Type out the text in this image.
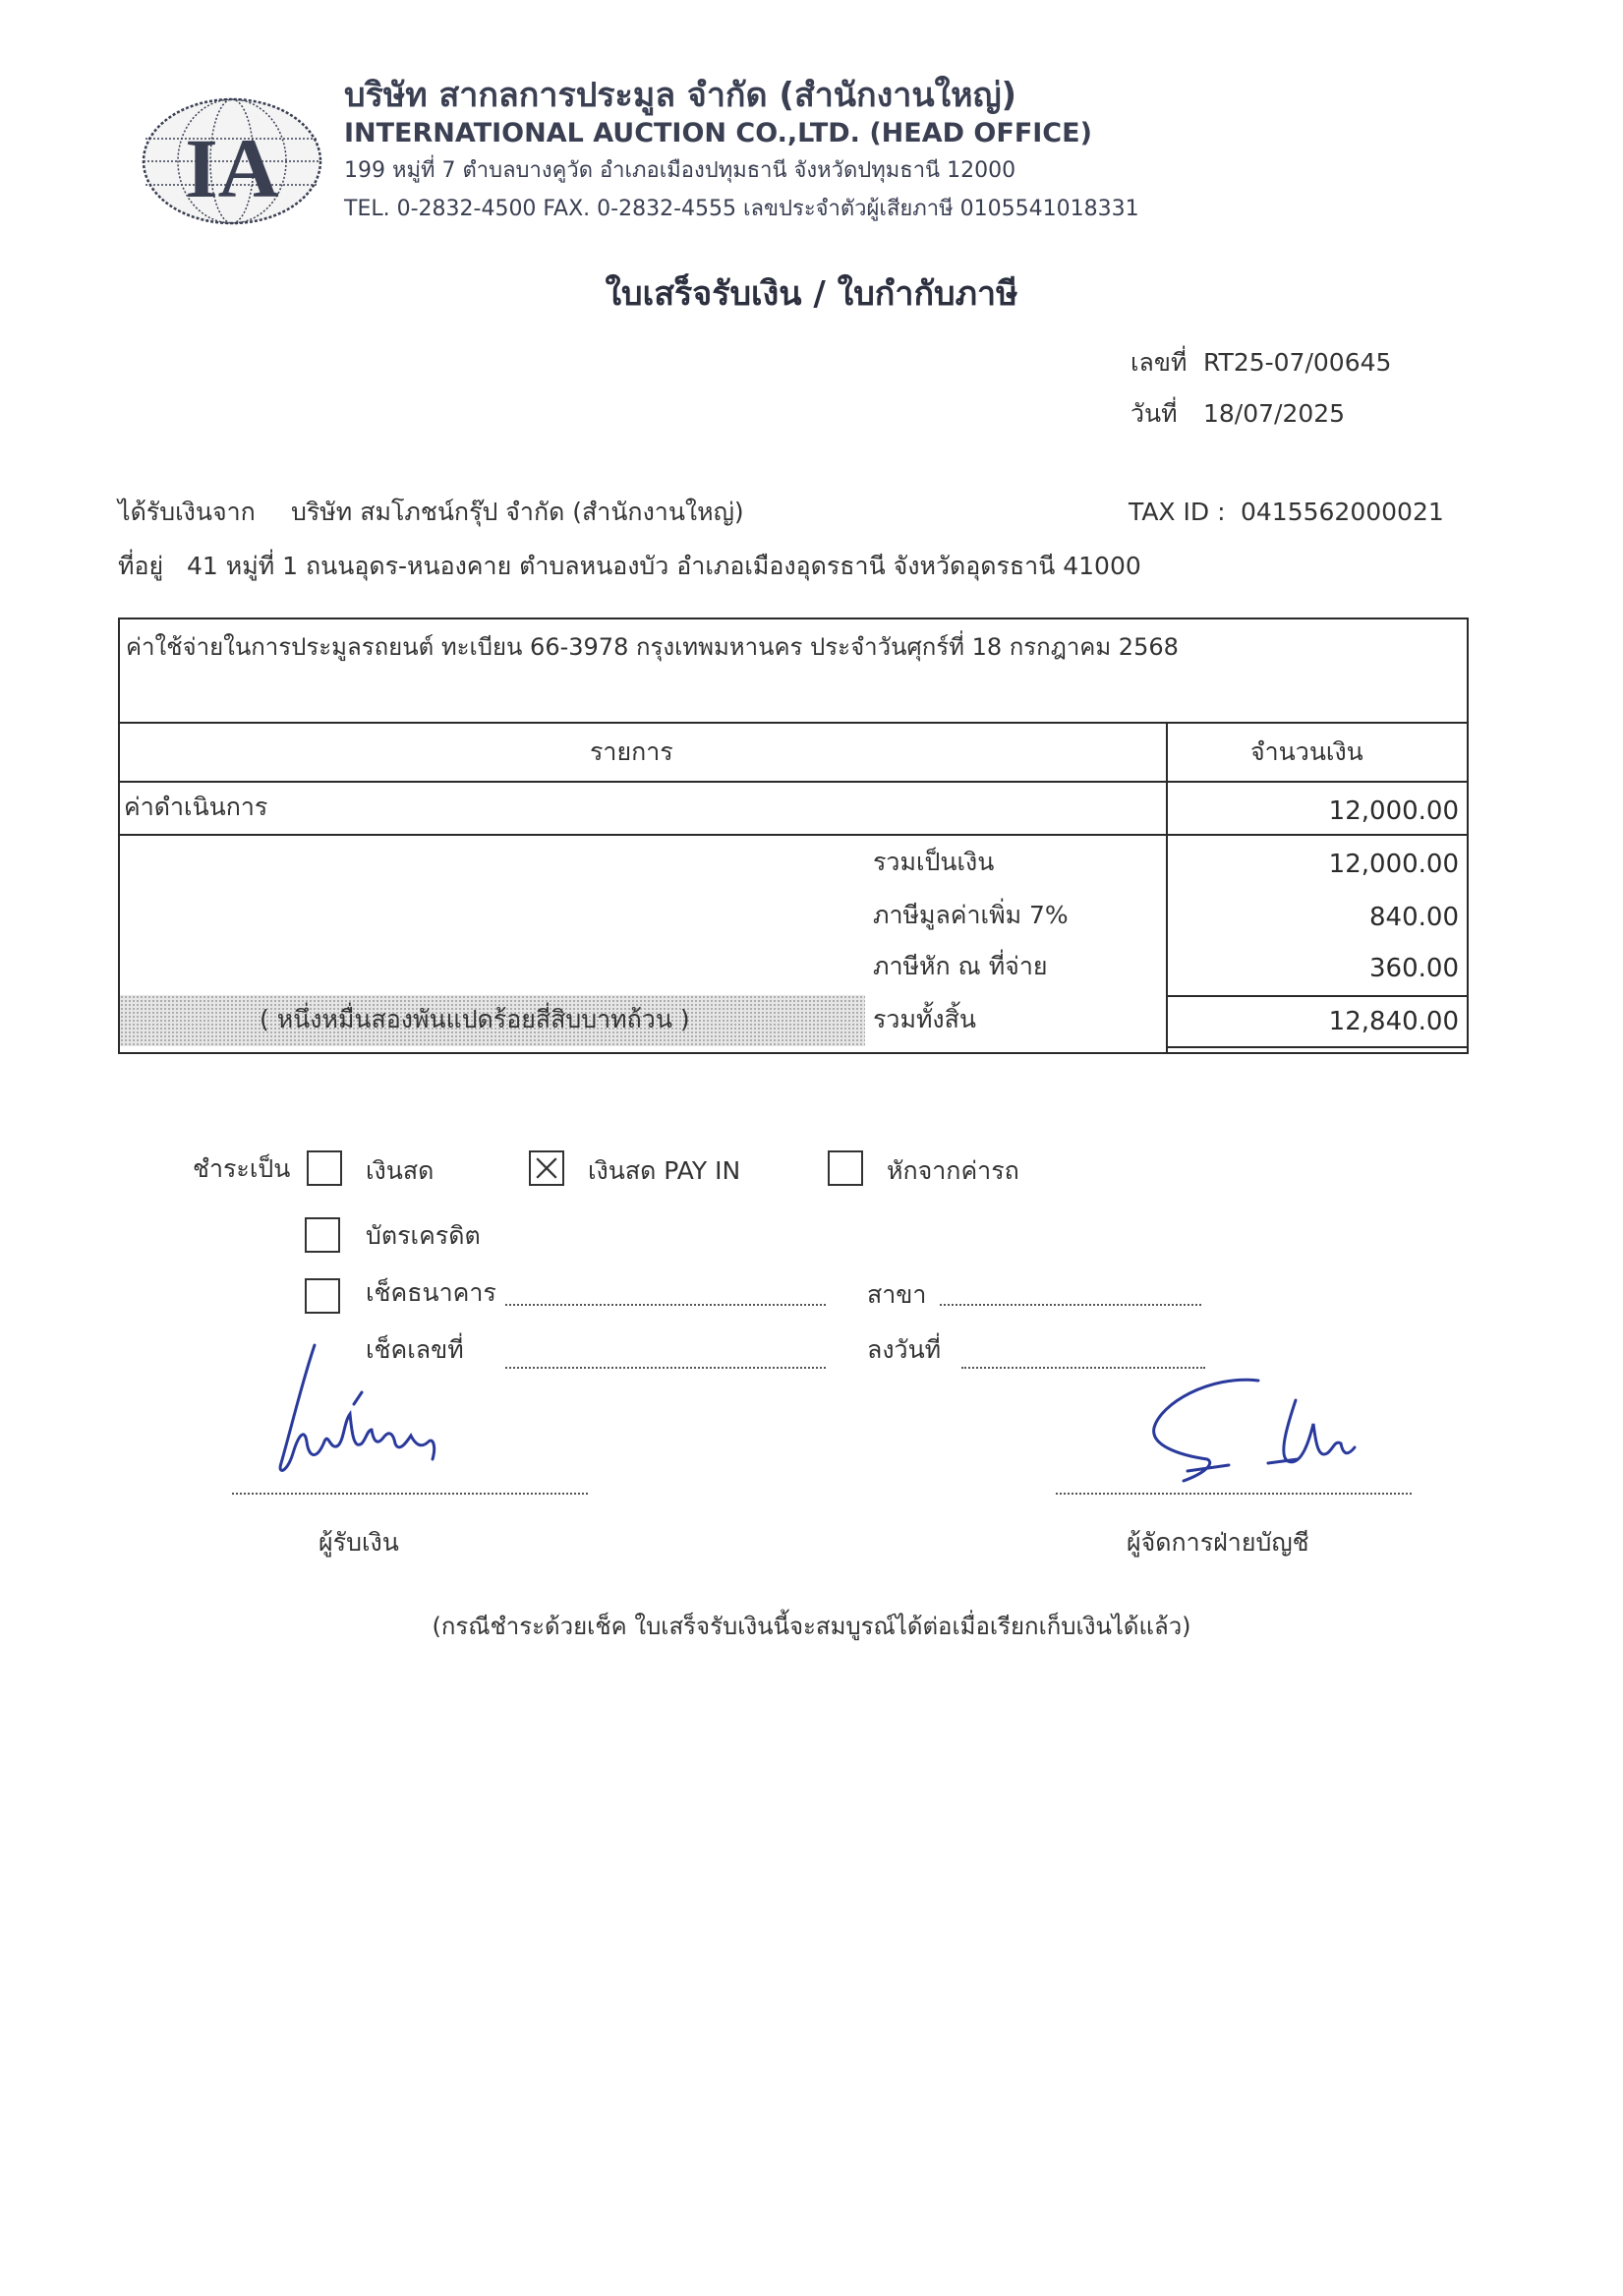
IA
บริษัท สากลการประมูล จำกัด (สำนักงานใหญ่)
INTERNATIONAL AUCTION CO.,LTD. (HEAD OFFICE)
199 หมู่ที่ 7 ตำบลบางคูวัด อำเภอเมืองปทุมธานี จังหวัดปทุมธานี 12000
TEL. 0-2832-4500 FAX. 0-2832-4555 เลขประจำตัวผู้เสียภาษี 0105541018331
ใบเสร็จรับเงิน / ใบกำกับภาษี
เลขที่ RT25-07/00645
วันที่ 18/07/2025
ได้รับเงินจาก บริษัท สมโภชน์กรุ๊ป จำกัด (สำนักงานใหญ่)	TAX ID : 0415562000021
ที่อยู่ 41 หมู่ที่ 1 ถนนอุดร-หนองคาย ตำบลหนองบัว อำเภอเมืองอุดรธานี จังหวัดอุดรธานี 41000
ค่าใช้จ่ายในการประมูลรถยนต์ ทะเบียน 66-3978 กรุงเทพมหานคร ประจำวันศุกร์ที่ 18 กรกฎาคม 2568
รายการ	จำนวนเงิน
ค่าดำเนินการ	12,000.00
รวมเป็นเงิน	12,000.00
ภาษีมูลค่าเพิ่ม 7%	840.00
ภาษีหัก ณ ที่จ่าย	360.00
( หนึ่งหมื่นสองพันแปดร้อยสี่สิบบาทถ้วน )	รวมทั้งสิ้น	12,840.00
ชำระเป็น	เงินสด	เงินสด PAY IN	หักจากค่ารถ
บัตรเครดิต
เช็คธนาคาร	สาขา
เช็คเลขที่	ลงวันที่
ผู้รับเงิน	ผู้จัดการฝ่ายบัญชี
(กรณีชำระด้วยเช็ค ใบเสร็จรับเงินนี้จะสมบูรณ์ได้ต่อเมื่อเรียกเก็บเงินได้แล้ว)
